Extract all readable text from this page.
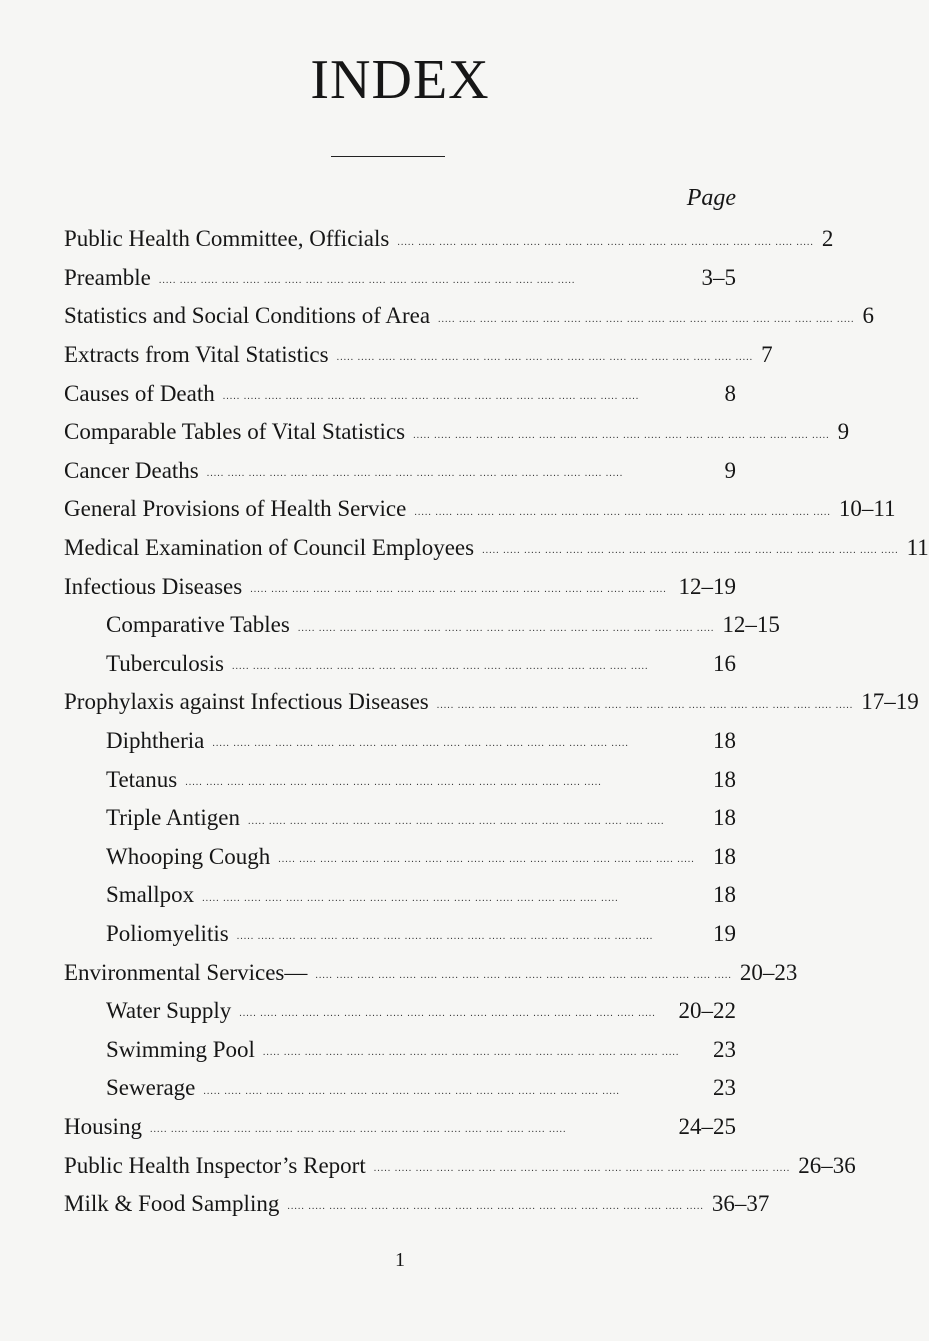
INDEX
Page
Public Health Committee, Officials ..... ..... ..... ..... ..... ..... ..... ..... ..... ..... ..... ..... ..... ..... ..... ..... ..... ..... ..... ..... 2
Preamble ..... ..... ..... ..... ..... ..... ..... ..... ..... ..... ..... ..... ..... ..... ..... ..... ..... ..... ..... .....	3–5
Statistics and Social Conditions of Area ..... ..... ..... ..... ..... ..... ..... ..... ..... ..... ..... ..... ..... ..... ..... ..... ..... ..... ..... ..... 6
Extracts from Vital Statistics ..... ..... ..... ..... ..... ..... ..... ..... ..... ..... ..... ..... ..... ..... ..... ..... ..... ..... ..... ..... 7
Causes of Death ..... ..... ..... ..... ..... ..... ..... ..... ..... ..... ..... ..... ..... ..... ..... ..... ..... ..... ..... .....	8
Comparable Tables of Vital Statistics ..... ..... ..... ..... ..... ..... ..... ..... ..... ..... ..... ..... ..... ..... ..... ..... ..... ..... ..... ..... 9
Cancer Deaths ..... ..... ..... ..... ..... ..... ..... ..... ..... ..... ..... ..... ..... ..... ..... ..... ..... ..... ..... .....	9
General Provisions of Health Service ..... ..... ..... ..... ..... ..... ..... ..... ..... ..... ..... ..... ..... ..... ..... ..... ..... ..... ..... ..... 10–11
Medical Examination of Council Employees ..... ..... ..... ..... ..... ..... ..... ..... ..... ..... ..... ..... ..... ..... ..... ..... ..... ..... ..... ..... 11
Infectious Diseases ..... ..... ..... ..... ..... ..... ..... ..... ..... ..... ..... ..... ..... ..... ..... ..... ..... ..... ..... ..... 12–19
Comparative Tables ..... ..... ..... ..... ..... ..... ..... ..... ..... ..... ..... ..... ..... ..... ..... ..... ..... ..... ..... ..... 12–15
Tuberculosis ..... ..... ..... ..... ..... ..... ..... ..... ..... ..... ..... ..... ..... ..... ..... ..... ..... ..... ..... .....	16
Prophylaxis against Infectious Diseases ..... ..... ..... ..... ..... ..... ..... ..... ..... ..... ..... ..... ..... ..... ..... ..... ..... ..... ..... ..... 17–19
Diphtheria ..... ..... ..... ..... ..... ..... ..... ..... ..... ..... ..... ..... ..... ..... ..... ..... ..... ..... ..... .....	18
Tetanus ..... ..... ..... ..... ..... ..... ..... ..... ..... ..... ..... ..... ..... ..... ..... ..... ..... ..... ..... .....	18
Triple Antigen ..... ..... ..... ..... ..... ..... ..... ..... ..... ..... ..... ..... ..... ..... ..... ..... ..... ..... ..... .....	18
Whooping Cough ..... ..... ..... ..... ..... ..... ..... ..... ..... ..... ..... ..... ..... ..... ..... ..... ..... ..... ..... ..... 18
Smallpox ..... ..... ..... ..... ..... ..... ..... ..... ..... ..... ..... ..... ..... ..... ..... ..... ..... ..... ..... .....	18
Poliomyelitis ..... ..... ..... ..... ..... ..... ..... ..... ..... ..... ..... ..... ..... ..... ..... ..... ..... ..... ..... .....	19
Environmental Services— ..... ..... ..... ..... ..... ..... ..... ..... ..... ..... ..... ..... ..... ..... ..... ..... ..... ..... ..... ..... 20–23
Water Supply ..... ..... ..... ..... ..... ..... ..... ..... ..... ..... ..... ..... ..... ..... ..... ..... ..... ..... ..... ..... 20–22
Swimming Pool ..... ..... ..... ..... ..... ..... ..... ..... ..... ..... ..... ..... ..... ..... ..... ..... ..... ..... ..... .....	23
Sewerage ..... ..... ..... ..... ..... ..... ..... ..... ..... ..... ..... ..... ..... ..... ..... ..... ..... ..... ..... .....	23
Housing ..... ..... ..... ..... ..... ..... ..... ..... ..... ..... ..... ..... ..... ..... ..... ..... ..... ..... ..... .....	24–25
Public Health Inspector’s Report ..... ..... ..... ..... ..... ..... ..... ..... ..... ..... ..... ..... ..... ..... ..... ..... ..... ..... ..... ..... 26–36
Milk & Food Sampling ..... ..... ..... ..... ..... ..... ..... ..... ..... ..... ..... ..... ..... ..... ..... ..... ..... ..... ..... ..... 36–37
1
